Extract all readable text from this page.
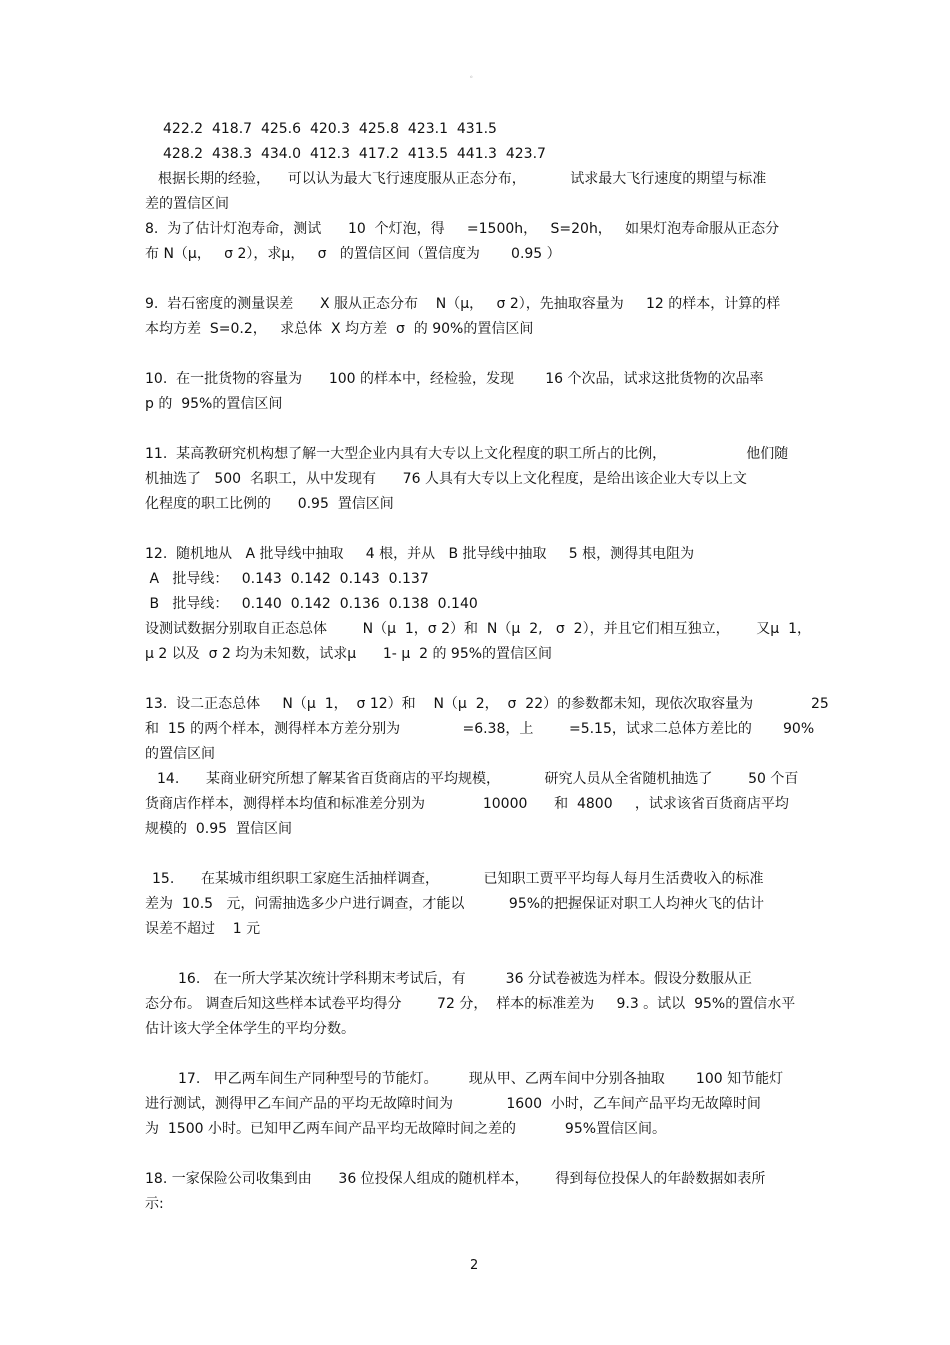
。
422.2  418.7  425.6  420.3  425.8  423.1  431.5
428.2  438.3  434.0  412.3  417.2  413.5  441.3  423.7
根据长期的经验，    可以认为最大飞行速度服从正态分布，          试求最大飞行速度的期望与标准
差的置信区间
8.  为了估计灯泡寿命，测试      10  个灯泡，得     =1500h，   S=20h，   如果灯泡寿命服从正态分
布 N（μ，   σ 2），求μ，   σ   的置信区间（置信度为       0.95 ）
9.  岩石密度的测量误差      X 服从正态分布    N（μ，   σ 2），先抽取容量为     12 的样本，计算的样
本均方差  S=0.2，   求总体  X 均方差  σ  的 90%的置信区间
10.  在一批货物的容量为      100 的样本中，经检验，发现       16 个次品，试求这批货物的次品率
p 的  95%的置信区间
11.  某高教研究机构想了解一大型企业内具有大专以上文化程度的职工所占的比例，                  他们随
机抽选了   500  名职工，从中发现有      76 人具有大专以上文化程度，是给出该企业大专以上文
化程度的职工比例的      0.95  置信区间
12.  随机地从   A 批导线中抽取     4 根，并从   B 批导线中抽取     5 根，测得其电阻为
A   批导线：   0.143  0.142  0.143  0.137
B   批导线：   0.140  0.142  0.136  0.138  0.140
设测试数据分别取自正态总体        N（μ  1，σ 2）和  N（μ  2,   σ  2），并且它们相互独立，      又μ  1，
μ 2 以及  σ 2 均为未知数，试求μ      1- μ  2 的 95%的置信区间
13.  设二正态总体     N（μ  1，  σ 12）和    N（μ  2，  σ  22）的参数都未知，现依次取容量为             25
和  15 的两个样本，测得样本方差分别为              =6.38，上        =5.15，试求二总体方差比的       90%
的置信区间
14.      某商业研究所想了解某省百货商店的平均规模，          研究人员从全省随机抽选了        50 个百
货商店作样本，测得样本均值和标准差分别为             10000      和  4800     ，试求该省百货商店平均
规模的  0.95  置信区间
15.      在某城市组织职工家庭生活抽样调查，          已知职工贾平平均每人每月生活费收入的标准
差为  10.5   元，问需抽选多少户进行调查，才能以          95%的把握保证对职工人均神火飞的估计
误差不超过    1 元
16.   在一所大学某次统计学科期末考试后，有         36 分试卷被选为样本。假设分数服从正
态分布。 调查后知这些样本试卷平均得分        72 分，  样本的标准差为     9.3 。试以  95%的置信水平
估计该大学全体学生的平均分数。
17.   甲乙两车间生产同种型号的节能灯。       现从甲、乙两车间中分别各抽取       100 知节能灯
进行测试，测得甲乙车间产品的平均无故障时间为            1600  小时，乙车间产品平均无故障时间
为  1500 小时。已知甲乙两车间产品平均无故障时间之差的           95%置信区间。
18. 一家保险公司收集到由      36 位投保人组成的随机样本，      得到每位投保人的年龄数据如表所
示:
2
